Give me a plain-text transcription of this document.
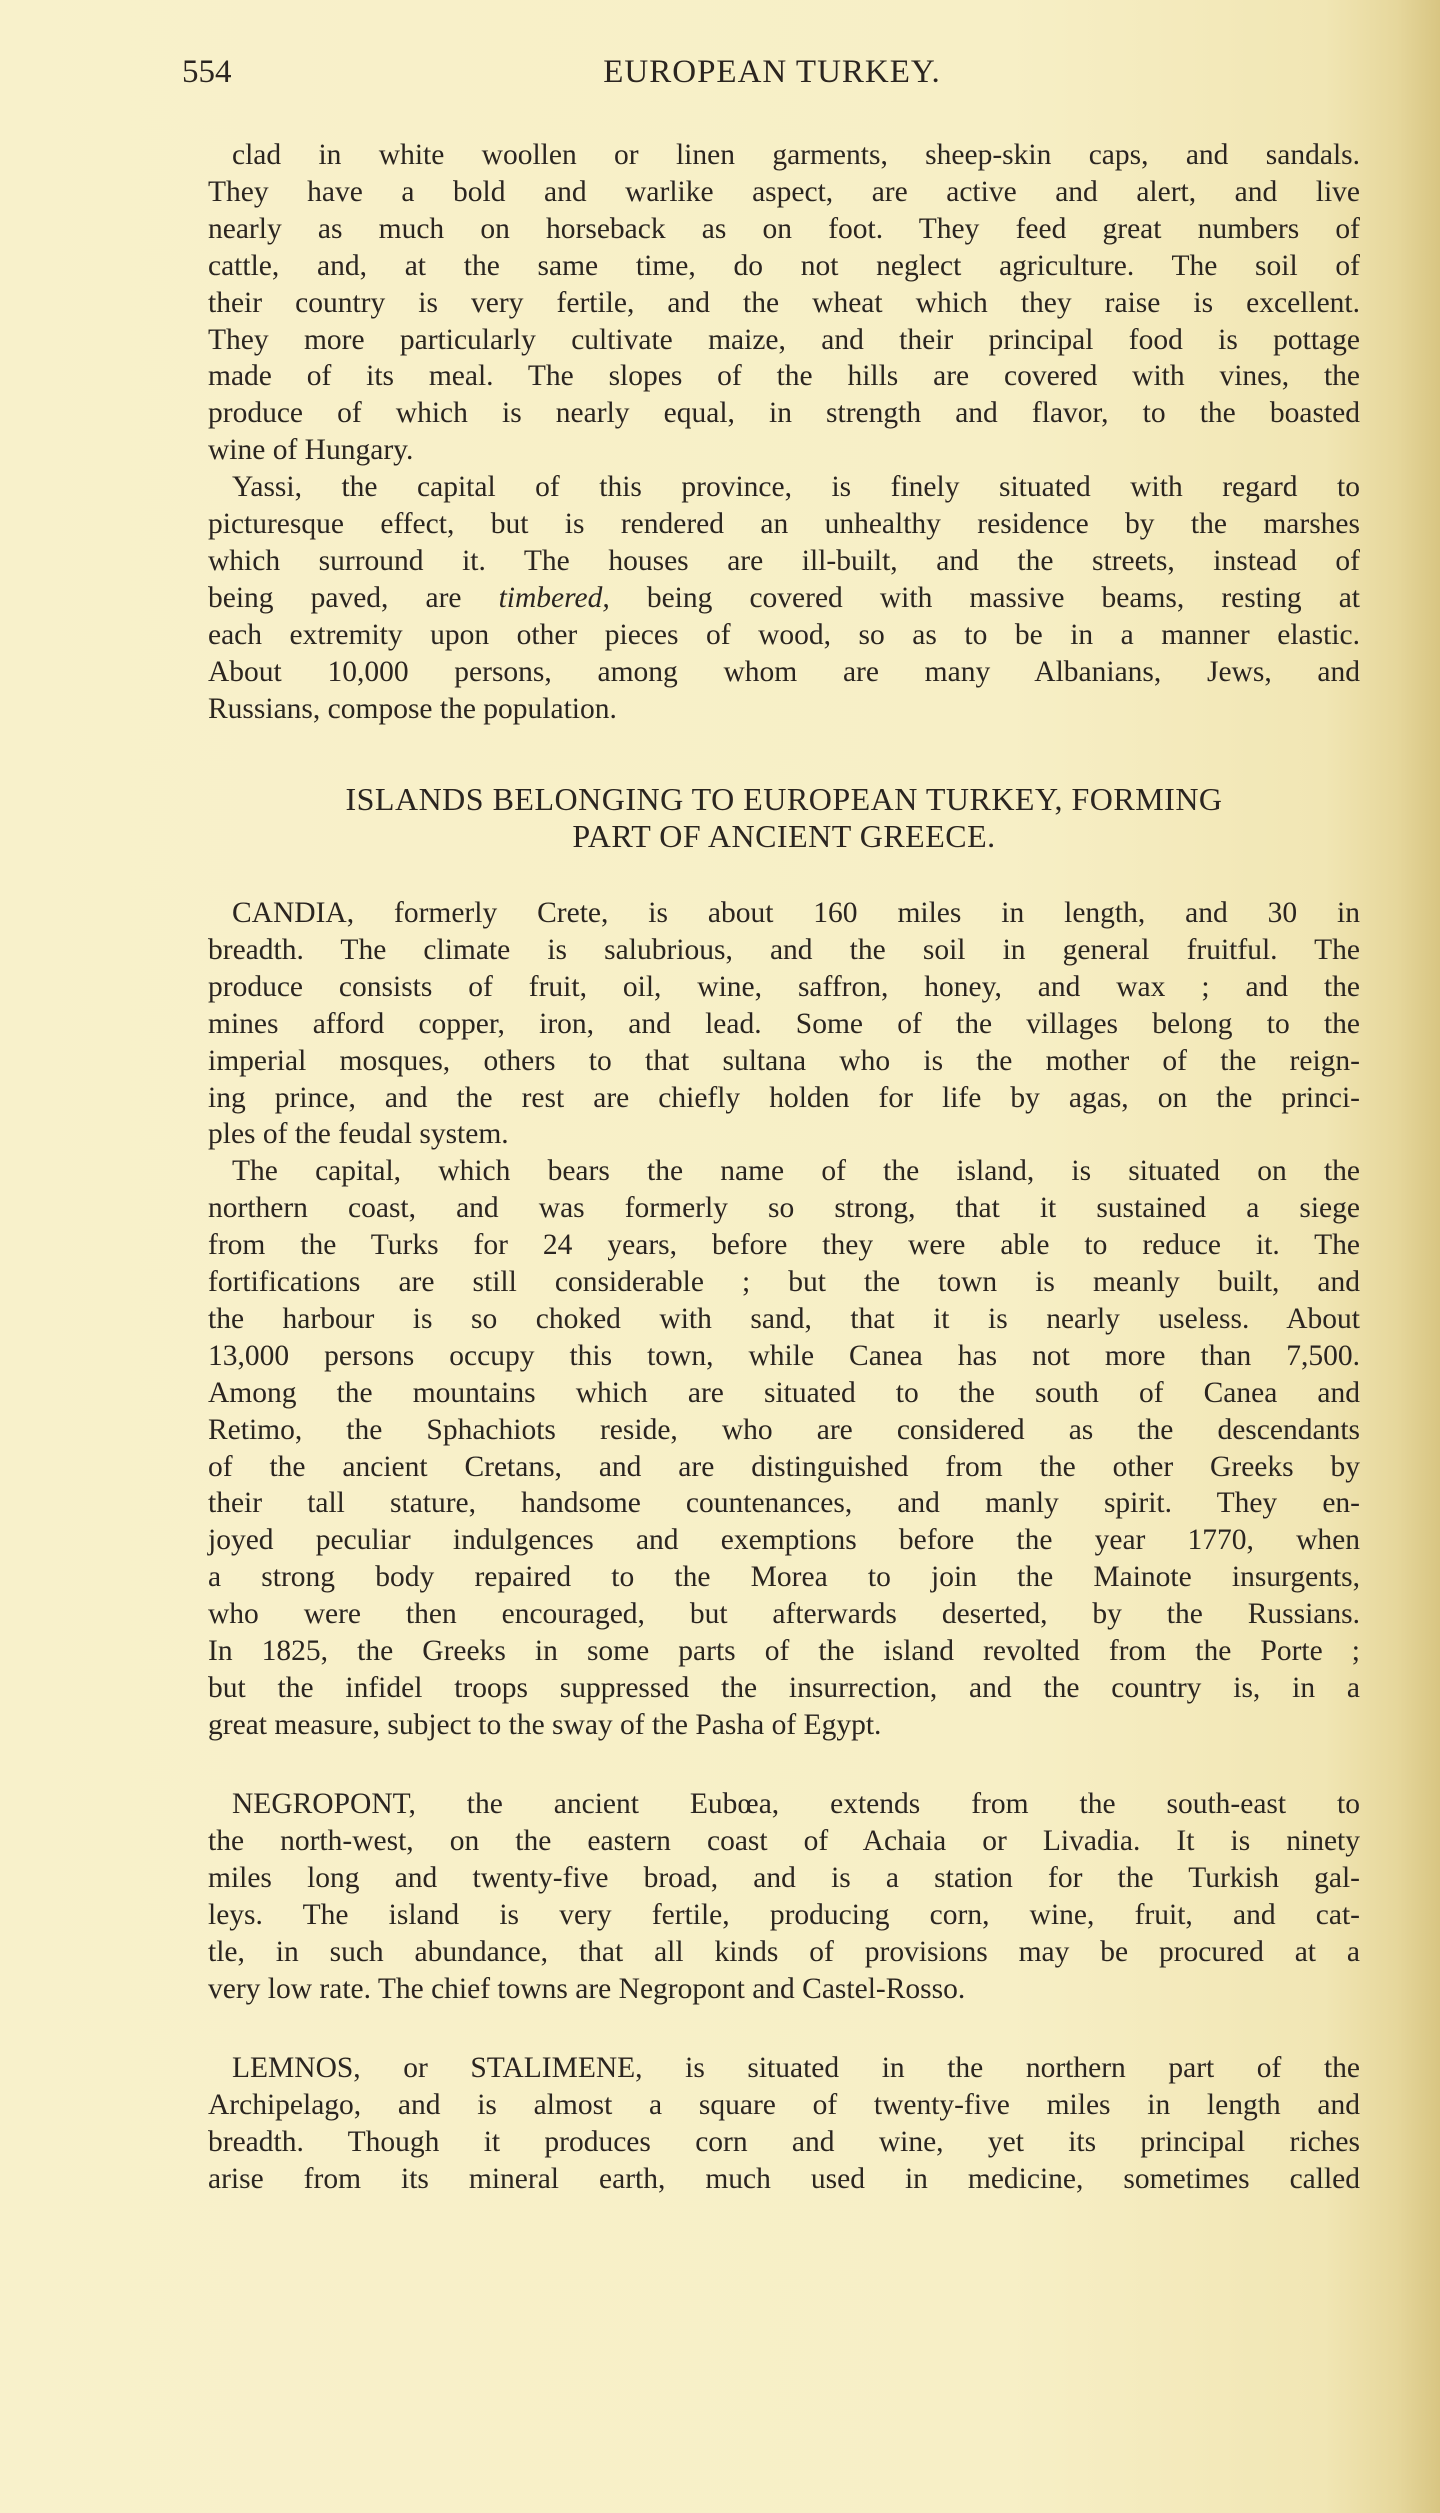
554	EUROPEAN TURKEY.
ISLANDS BELONGING TO EUROPEAN TURKEY, FORMING
PART OF ANCIENT GREECE.
clad in white woollen or linen garments, sheep-skin caps, and sandals.
They have a bold and warlike aspect, are active and alert, and live
nearly as much on horseback as on foot. They feed great numbers of
cattle, and, at the same time, do not neglect agriculture. The soil of
their country is very fertile, and the wheat which they raise is excellent.
They more particularly cultivate maize, and their principal food is pottage
made of its meal. The slopes of the hills are covered with vines, the
produce of which is nearly equal, in strength and flavor, to the boasted
wine of Hungary.
Yassi, the capital of this province, is finely situated with regard to
picturesque effect, but is rendered an unhealthy residence by the marshes
which surround it. The houses are ill-built, and the streets, instead of
being paved, are timbered, being covered with massive beams, resting at
each extremity upon other pieces of wood, so as to be in a manner elastic.
About 10,000 persons, among whom are many Albanians, Jews, and
Russians, compose the population.
CANDIA, formerly Crete, is about 160 miles in length, and 30 in
breadth. The climate is salubrious, and the soil in general fruitful. The
produce consists of fruit, oil, wine, saffron, honey, and wax ; and the
mines afford copper, iron, and lead. Some of the villages belong to the
imperial mosques, others to that sultana who is the mother of the reign-
ing prince, and the rest are chiefly holden for life by agas, on the princi-
ples of the feudal system.
The capital, which bears the name of the island, is situated on the
northern coast, and was formerly so strong, that it sustained a siege
from the Turks for 24 years, before they were able to reduce it. The
fortifications are still considerable ; but the town is meanly built, and
the harbour is so choked with sand, that it is nearly useless. About
13,000 persons occupy this town, while Canea has not more than 7,500.
Among the mountains which are situated to the south of Canea and
Retimo, the Sphachiots reside, who are considered as the descendants
of the ancient Cretans, and are distinguished from the other Greeks by
their tall stature, handsome countenances, and manly spirit. They en-
joyed peculiar indulgences and exemptions before the year 1770, when
a strong body repaired to the Morea to join the Mainote insurgents,
who were then encouraged, but afterwards deserted, by the Russians.
In 1825, the Greeks in some parts of the island revolted from the Porte ;
but the infidel troops suppressed the insurrection, and the country is, in a
great measure, subject to the sway of the Pasha of Egypt.
NEGROPONT, the ancient Eubœa, extends from the south-east to
the north-west, on the eastern coast of Achaia or Livadia. It is ninety
miles long and twenty-five broad, and is a station for the Turkish gal-
leys. The island is very fertile, producing corn, wine, fruit, and cat-
tle, in such abundance, that all kinds of provisions may be procured at a
very low rate. The chief towns are Negropont and Castel-Rosso.
LEMNOS, or STALIMENE, is situated in the northern part of the
Archipelago, and is almost a square of twenty-five miles in length and
breadth. Though it produces corn and wine, yet its principal riches
arise from its mineral earth, much used in medicine, sometimes called
